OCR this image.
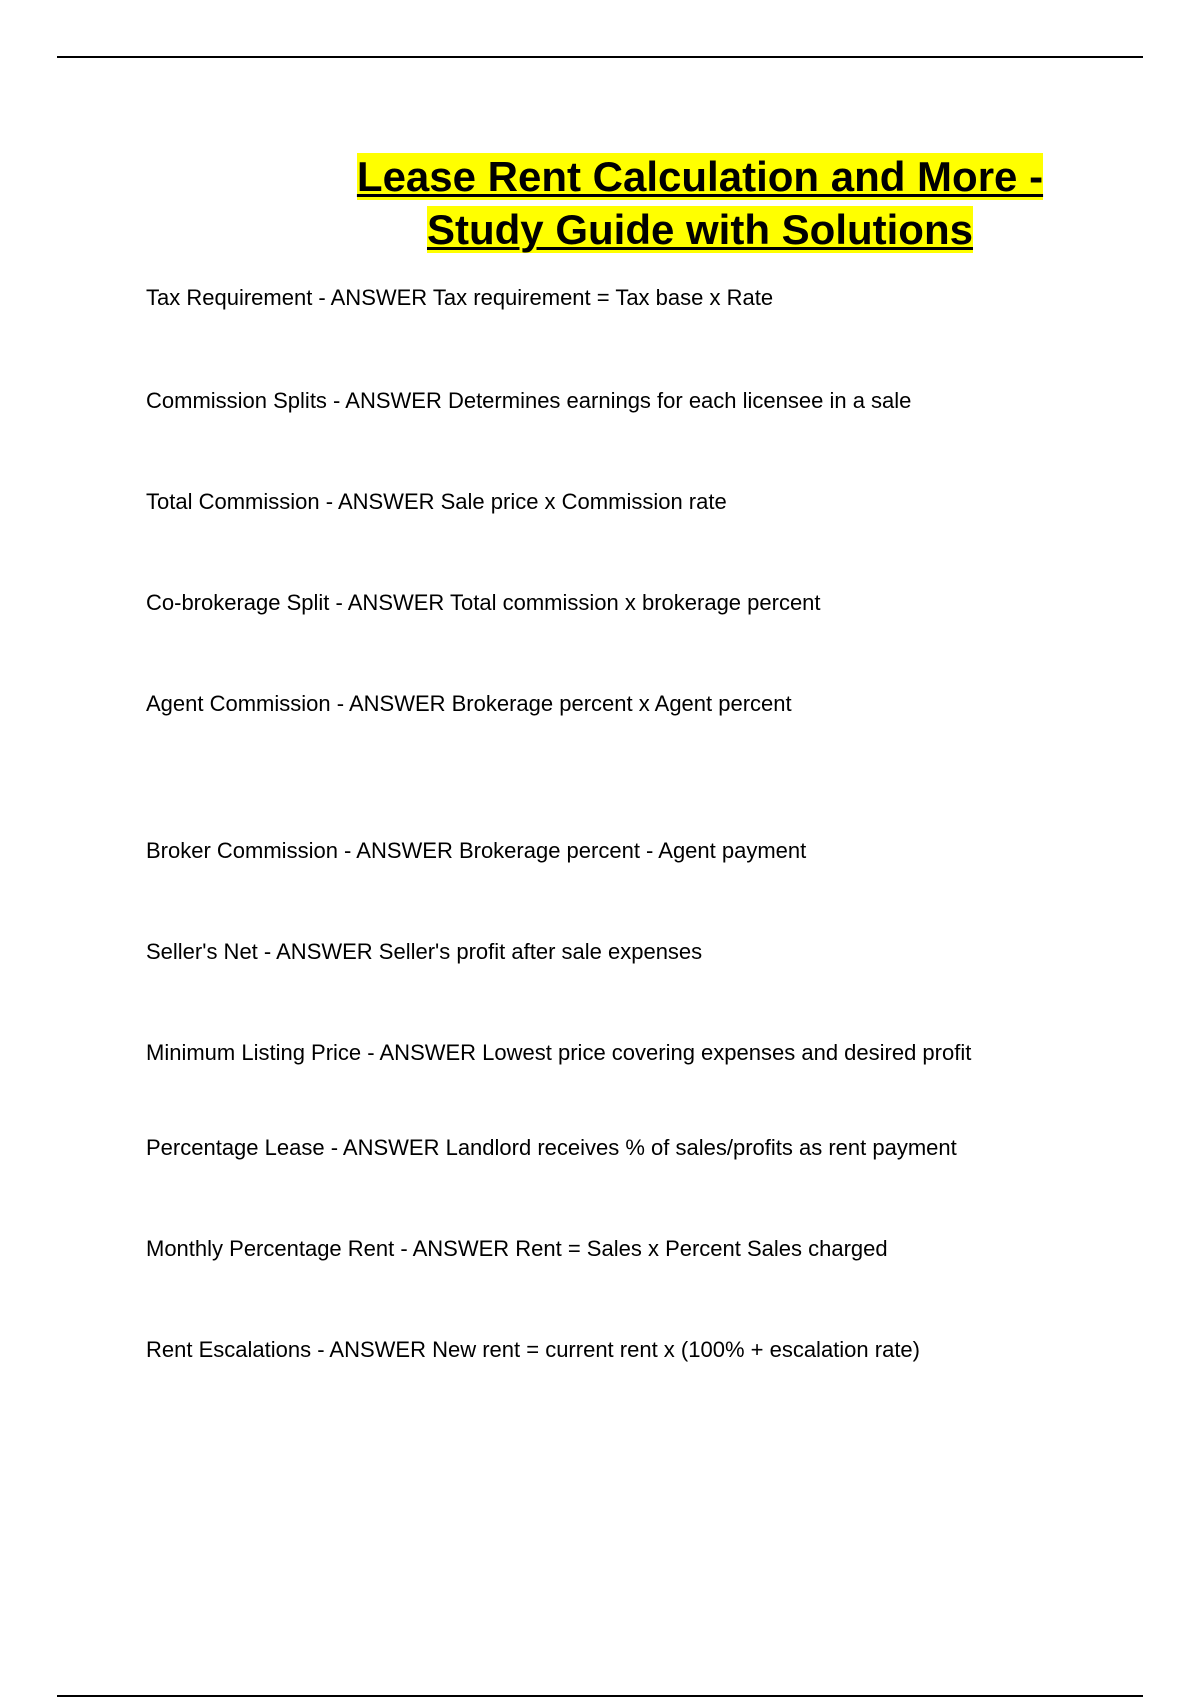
Lease Rent Calculation and More -Study Guide with Solutions

Tax Requirement - ANSWER Tax requirement = Tax base x Rate

Commission Splits - ANSWER Determines earnings for each licensee in a sale

Total Commission - ANSWER Sale price x Commission rate

Co-brokerage Split - ANSWER Total commission x brokerage percent

Agent Commission - ANSWER Brokerage percent x Agent percent

Broker Commission - ANSWER Brokerage percent - Agent payment

Seller's Net - ANSWER Seller's profit after sale expenses

Minimum Listing Price - ANSWER Lowest price covering expenses and desired profit

Percentage Lease - ANSWER Landlord receives % of sales/profits as rent payment

Monthly Percentage Rent - ANSWER Rent = Sales x Percent Sales charged

Rent Escalations - ANSWER New rent = current rent x (100% + escalation rate)
